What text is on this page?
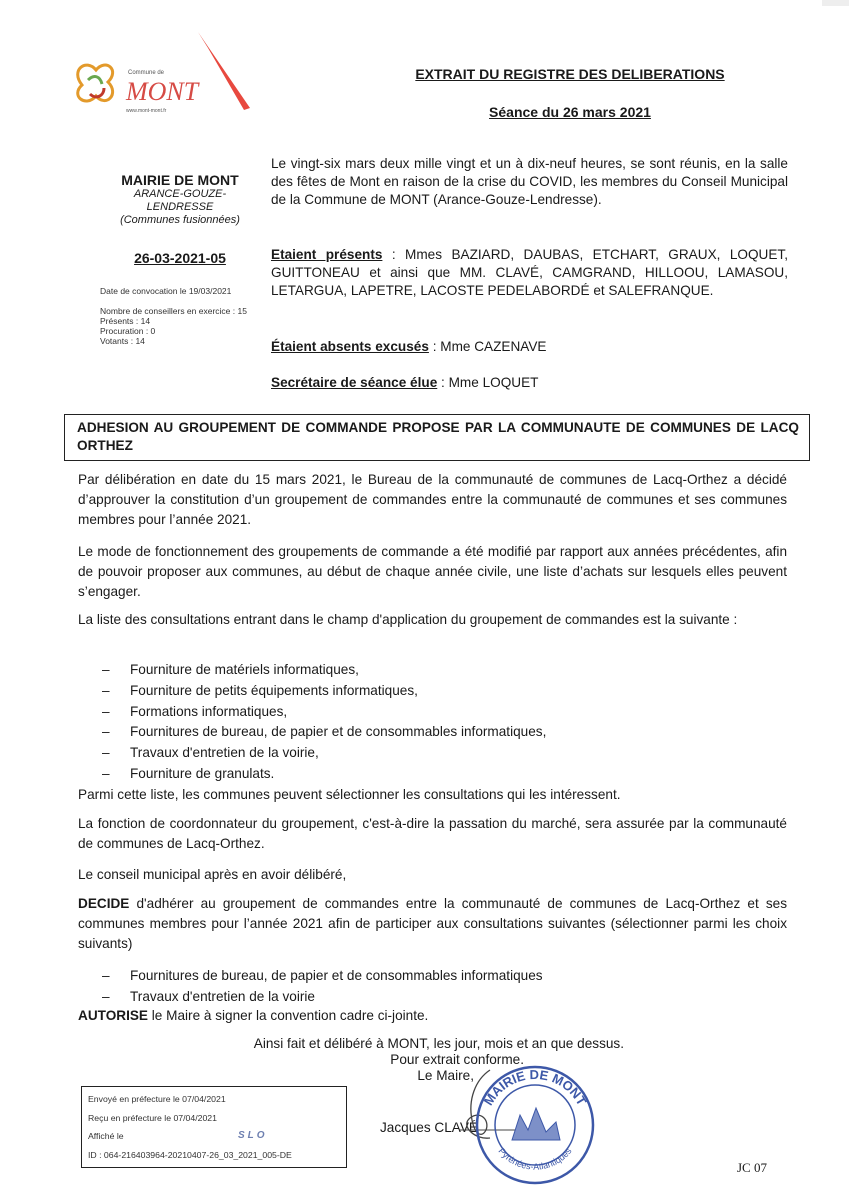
Commune de
MONT
www.mont-mont.fr
EXTRAIT DU REGISTRE DES DELIBERATIONS
Séance du 26 mars 2021
MAIRIE DE MONT
ARANCE-GOUZE-
LENDRESSE
(Communes fusionnées)
26-03-2021-05
Date de convocation le 19/03/2021
Nombre de conseillers en exercice : 15
Présents : 14
Procuration : 0
Votants : 14
Le vingt-six mars deux mille vingt et un à dix-neuf heures, se sont réunis, en la salle des fêtes de Mont en raison de la crise du COVID, les membres du Conseil Municipal de la Commune de MONT (Arance-Gouze-Lendresse).
Etaient présents : Mmes BAZIARD, DAUBAS, ETCHART, GRAUX, LOQUET, GUITTONEAU et ainsi que MM. CLAVÉ, CAMGRAND, HILLOOU, LAMASOU, LETARGUA, LAPETRE, LACOSTE PEDELABORDÉ et SALEFRANQUE.
Étaient absents excusés : Mme CAZENAVE
Secrétaire de séance élue : Mme LOQUET
ADHESION AU GROUPEMENT DE COMMANDE PROPOSE PAR LA COMMUNAUTE DE COMMUNES DE LACQ ORTHEZ
Par délibération en date du 15 mars 2021, le Bureau de la communauté de communes de Lacq-Orthez a décidé d’approuver la constitution d’un groupement de commandes entre la communauté de communes et ses communes membres pour l’année 2021.
Le mode de fonctionnement des groupements de commande a été modifié par rapport aux années précédentes, afin de pouvoir proposer aux communes, au début de chaque année civile, une liste d’achats sur lesquels elles peuvent s’engager.
La liste des consultations entrant dans le champ d'application du groupement de commandes est la suivante :
– Fourniture de matériels informatiques,
– Fourniture de petits équipements informatiques,
– Formations informatiques,
– Fournitures de bureau, de papier et de consommables informatiques,
– Travaux d'entretien de la voirie,
– Fourniture de granulats.
Parmi cette liste, les communes peuvent sélectionner les consultations qui les intéressent.
La fonction de coordonnateur du groupement, c'est-à-dire la passation du marché, sera assurée par la communauté de communes de Lacq-Orthez.
Le conseil municipal après en avoir délibéré,
DECIDE d'adhérer au groupement de commandes entre la communauté de communes de Lacq-Orthez et ses communes membres pour l’année 2021 afin de participer aux consultations suivantes (sélectionner parmi les choix suivants)
– Fournitures de bureau, de papier et de consommables informatiques
– Travaux d'entretien de la voirie
AUTORISE le Maire à signer la convention cadre ci-jointe.
Ainsi fait et délibéré à MONT, les jour, mois et an que dessus.
Pour extrait conforme.
Le Maire,
Jacques CLAVÉ
MAIRIE DE MONT
Pyrénées-Atlantiques
Envoyé en préfecture le 07/04/2021
Reçu en préfecture le 07/04/2021
Affiché le	SLO
ID : 064-216403964-20210407-26_03_2021_005-DE
JC 07
